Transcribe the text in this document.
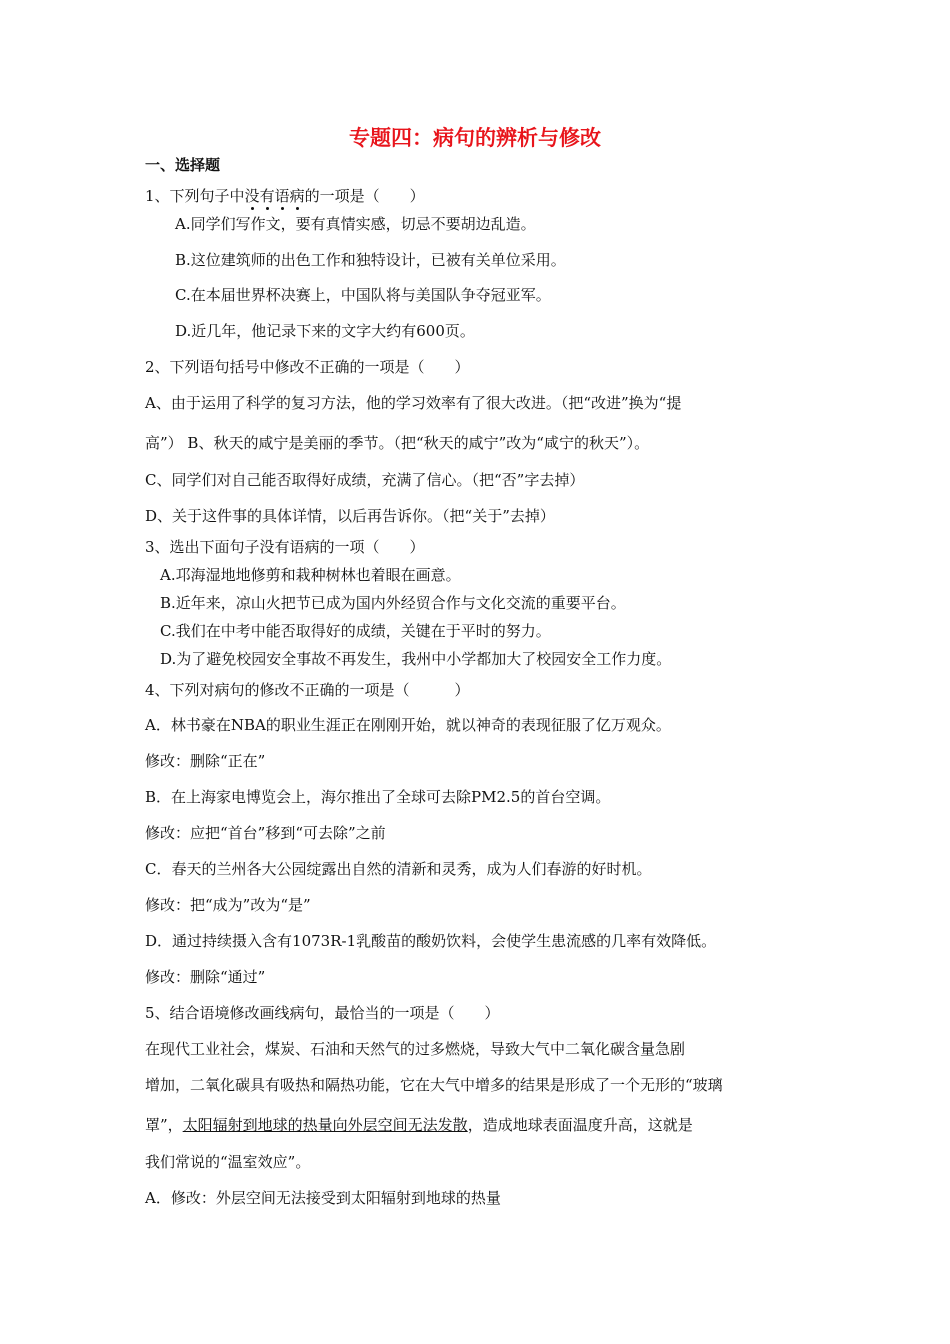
专题四：病句的辨析与修改
一、选择题
1、下列句子中没有语病的一项是（　　）
A.同学们写作文，要有真情实感，切忌不要胡边乱造。
B.这位建筑师的出色工作和独特设计，已被有关单位采用。
C.在本届世界杯决赛上，中国队将与美国队争夺冠亚军。
D.近几年，他记录下来的文字大约有600页。
2、下列语句括号中修改不正确的一项是（　　）
A、由于运用了科学的复习方法，他的学习效率有了很大改进。（把“改进”换为“提
高”） B、秋天的咸宁是美丽的季节。（把“秋天的咸宁”改为“咸宁的秋天”）。
C、同学们对自己能否取得好成绩，充满了信心。（把“否”字去掉）
D、关于这件事的具体详情，以后再告诉你。（把“关于”去掉）
3、选出下面句子没有语病的一项（　　）
A.邛海湿地地修剪和栽种树林也着眼在画意。
B.近年来，凉山火把节已成为国内外经贸合作与文化交流的重要平台。
C.我们在中考中能否取得好的成绩，关键在于平时的努力。
D.为了避免校园安全事故不再发生，我州中小学都加大了校园安全工作力度。
4、下列对病句的修改不正确的一项是（　　　）
A．林书豪在NBA的职业生涯正在刚刚开始，就以神奇的表现征服了亿万观众。
修改：删除“正在”
B．在上海家电博览会上，海尔推出了全球可去除PM2.5的首台空调。
修改：应把“首台”移到“可去除”之前
C．春天的兰州各大公园绽露出自然的清新和灵秀，成为人们春游的好时机。
修改：把“成为”改为“是”
D．通过持续摄入含有1073R-1乳酸苗的酸奶饮料，会使学生患流感的几率有效降低。
修改：删除“通过”
5、结合语境修改画线病句，最恰当的一项是（　　）
在现代工业社会，煤炭、石油和天然气的过多燃烧，导致大气中二氧化碳含量急剧
增加，二氧化碳具有吸热和隔热功能，它在大气中增多的结果是形成了一个无形的“玻璃
罩”，太阳辐射到地球的热量向外层空间无法发散，造成地球表面温度升高，这就是
我们常说的“温室效应”。
A．修改：外层空间无法接受到太阳辐射到地球的热量
